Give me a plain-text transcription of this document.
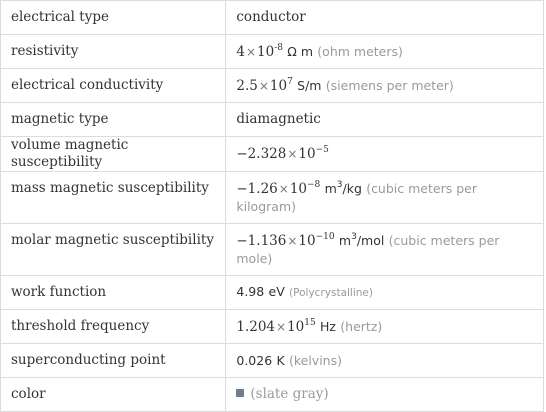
electrical type	conductor
resistivity	$4\times 10^{-8}$ Ω m (ohm meters)
electrical conductivity	$2.5\times 10^7$ S/m (siemens per meter)
magnetic type	diamagnetic
volume magnetic susceptibility	$-2.328\times 10^{-5}$
mass magnetic susceptibility	$-1.26\times 10^{-8}$ $m^3/kg$ (cubic meters per kilogram)
molar magnetic susceptibility	$-1.136\times 10^{-10}$ $m^3$/mol (cubic meters per mole)
work function	4.98 eV (Polycrystalline)
threshold frequency	$1.204\times 10^{15}$ Hz (hertz)
superconducting point	0.026 K (kelvins)
color	(slate gray)
